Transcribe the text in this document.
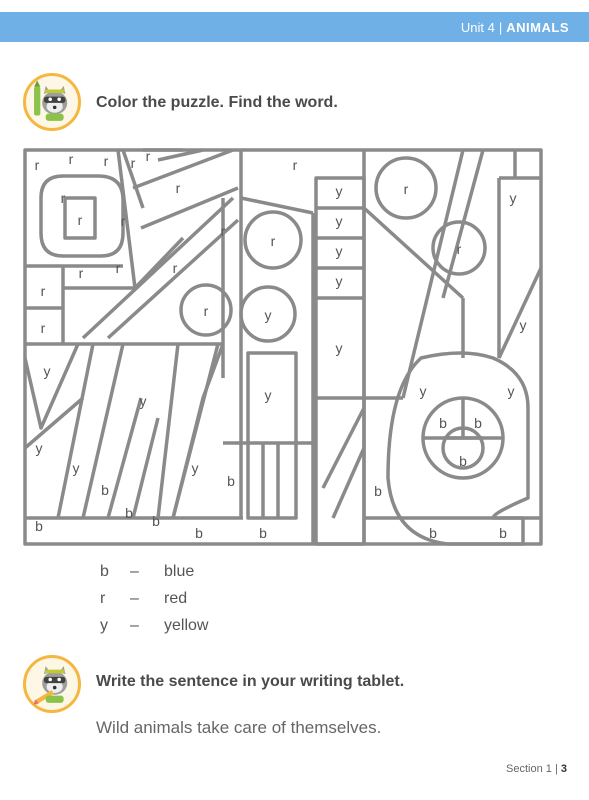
Unit 4 | ANIMALS
Color the puzzle. Find the word.
r r r r r
r
r	r
r
r
r
r
r
r
r r	r
r
r
r
y
y
y
y
y
y
y
y
y
y	y
y
y
y
y
y
b
b
b b
b	b
b
b b
b
b
b	b
b	–	blue
r	–	red
y	–	yellow
Write the sentence in your writing tablet.
Wild animals take care of themselves.
Section 1 | 3
